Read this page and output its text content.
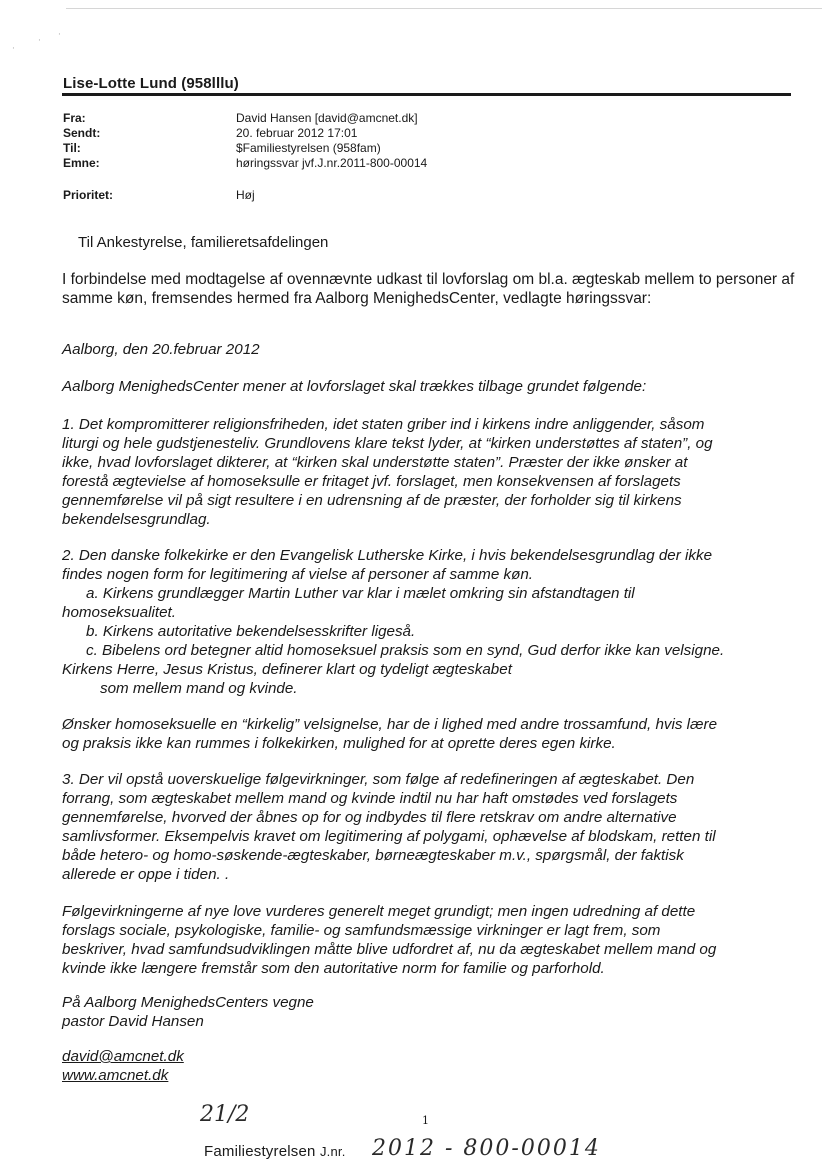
·
·
·
Lise-Lotte Lund (958lllu)
Fra:	David Hansen [david@amcnet.dk]
Sendt:	20. februar 2012 17:01
Til:	$Familiestyrelsen (958fam)
Emne:	høringssvar jvf.J.nr.2011-800-00014
Prioritet:	Høj
Til Ankestyrelse, familieretsafdelingen
I forbindelse med modtagelse af ovennævnte udkast til lovforslag om bl.a. ægteskab mellem to personer af samme køn, fremsendes hermed fra Aalborg MenighedsCenter, vedlagte høringssvar:
Aalborg, den 20.februar 2012
Aalborg MenighedsCenter mener at lovforslaget skal trækkes tilbage grundet følgende:
1. Det kompromitterer religionsfriheden, idet staten griber ind i kirkens indre anliggender, såsom
liturgi og hele gudstjenesteliv. Grundlovens klare tekst lyder, at “kirken understøttes af staten”, og
ikke, hvad lovforslaget dikterer, at “kirken skal understøtte staten”. Præster der ikke ønsker at
forestå ægtevielse af homoseksulle er fritaget jvf. forslaget, men konsekvensen af forslagets
gennemførelse vil på sigt resultere i en udrensning af de præster, der forholder sig til kirkens
bekendelsesgrundlag.
2. Den danske folkekirke er den Evangelisk Lutherske Kirke, i hvis bekendelsesgrundlag der ikke
findes nogen form for legitimering af vielse af personer af samme køn.
a. Kirkens grundlægger Martin Luther var klar i mælet omkring sin afstandtagen til
homoseksualitet.
b. Kirkens autoritative bekendelsesskrifter ligeså.
c. Bibelens ord betegner altid homoseksuel praksis som en synd, Gud derfor ikke kan velsigne.
Kirkens Herre, Jesus Kristus, definerer klart og tydeligt ægteskabet
som mellem mand og kvinde.
Ønsker homoseksuelle en “kirkelig” velsignelse, har de i lighed med andre trossamfund, hvis lære
og praksis ikke kan rummes i folkekirken, mulighed for at oprette deres egen kirke.
3. Der vil opstå uoverskuelige følgevirkninger, som følge af redefineringen af ægteskabet. Den
forrang, som ægteskabet mellem mand og kvinde indtil nu har haft omstødes ved forslagets
gennemførelse, hvorved der åbnes op for og indbydes til flere retskrav om andre alternative
samlivsformer. Eksempelvis kravet om legitimering af polygami, ophævelse af blodskam, retten til
både hetero- og homo-søskende-ægteskaber, børneægteskaber m.v., spørgsmål, der faktisk
allerede er oppe i tiden. .
Følgevirkningerne af nye love vurderes generelt meget grundigt; men ingen udredning af dette
forslags sociale, psykologiske, familie- og samfundsmæssige virkninger er lagt frem, som
beskriver, hvad samfundsudviklingen måtte blive udfordret af, nu da ægteskabet mellem mand og
kvinde ikke længere fremstår som den autoritative norm for familie og parforhold.
På Aalborg MenighedsCenters vegne
pastor David Hansen
david@amcnet.dk
www.amcnet.dk
21/2	1
Familiestyrelsen J.nr. 2012 - 800-00014
